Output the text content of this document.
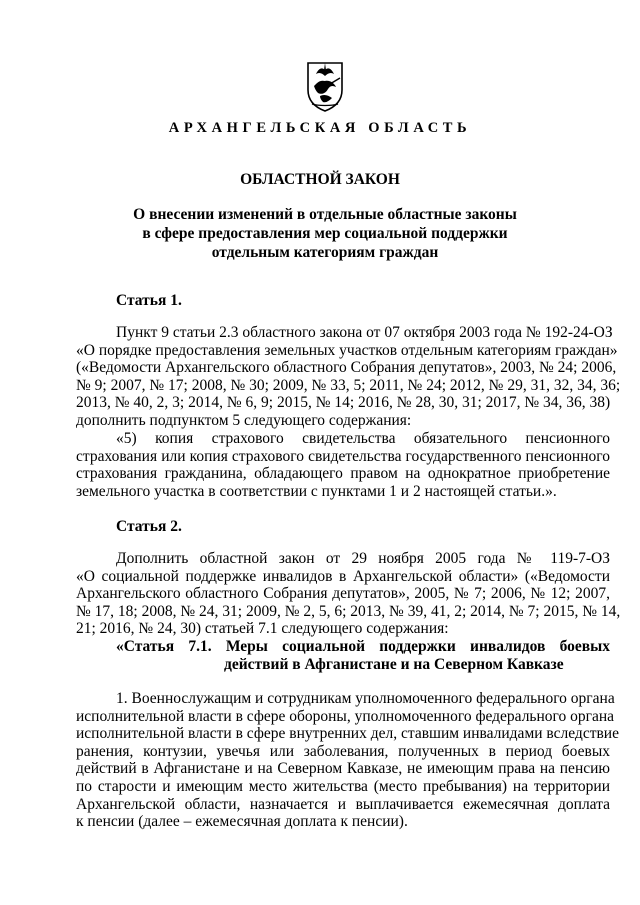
АРХАНГЕЛЬСКАЯ ОБЛАСТЬ
ОБЛАСТНОЙ ЗАКОН
О внесении изменений в отдельные областные законы
в сфере предоставления мер социальной поддержки
отдельным категориям граждан
Статья 1.
Пункт 9 статьи 2.3 областного закона от 07 октября 2003 года № 192-24-ОЗ
«О порядке предоставления земельных участков отдельным категориям граждан»
(«Ведомости Архангельского областного Собрания депутатов», 2003, № 24; 2006,
№ 9; 2007, № 17; 2008, № 30; 2009, № 33, 5; 2011, № 24; 2012, № 29, 31, 32, 34, 36;
2013, № 40, 2, 3; 2014, № 6, 9; 2015, № 14; 2016, № 28, 30, 31; 2017, № 34, 36, 38)
дополнить подпунктом 5 следующего содержания:
«5) копия страхового свидетельства обязательного пенсионного
страхования или копия страхового свидетельства государственного пенсионного
страхования гражданина, обладающего правом на однократное приобретение
земельного участка в соответствии с пунктами 1 и 2 настоящей статьи.».
Статья 2.
Дополнить областной закон от 29 ноября 2005 года № 119-7-ОЗ
«О социальной поддержке инвалидов в Архангельской области» («Ведомости
Архангельского областного Собрания депутатов», 2005, № 7; 2006, № 12; 2007,
№ 17, 18; 2008, № 24, 31; 2009, № 2, 5, 6; 2013, № 39, 41, 2; 2014, № 7; 2015, № 14,
21; 2016, № 24, 30) статьей 7.1 следующего содержания:
«Статья 7.1. Меры социальной поддержки инвалидов боевых
действий в Афганистане и на Северном Кавказе
1. Военнослужащим и сотрудникам уполномоченного федерального органа
исполнительной власти в сфере обороны, уполномоченного федерального органа
исполнительной власти в сфере внутренних дел, ставшим инвалидами вследствие
ранения, контузии, увечья или заболевания, полученных в период боевых
действий в Афганистане и на Северном Кавказе, не имеющим права на пенсию
по старости и имеющим место жительства (место пребывания) на территории
Архангельской области, назначается и выплачивается ежемесячная доплата
к пенсии (далее – ежемесячная доплата к пенсии).
